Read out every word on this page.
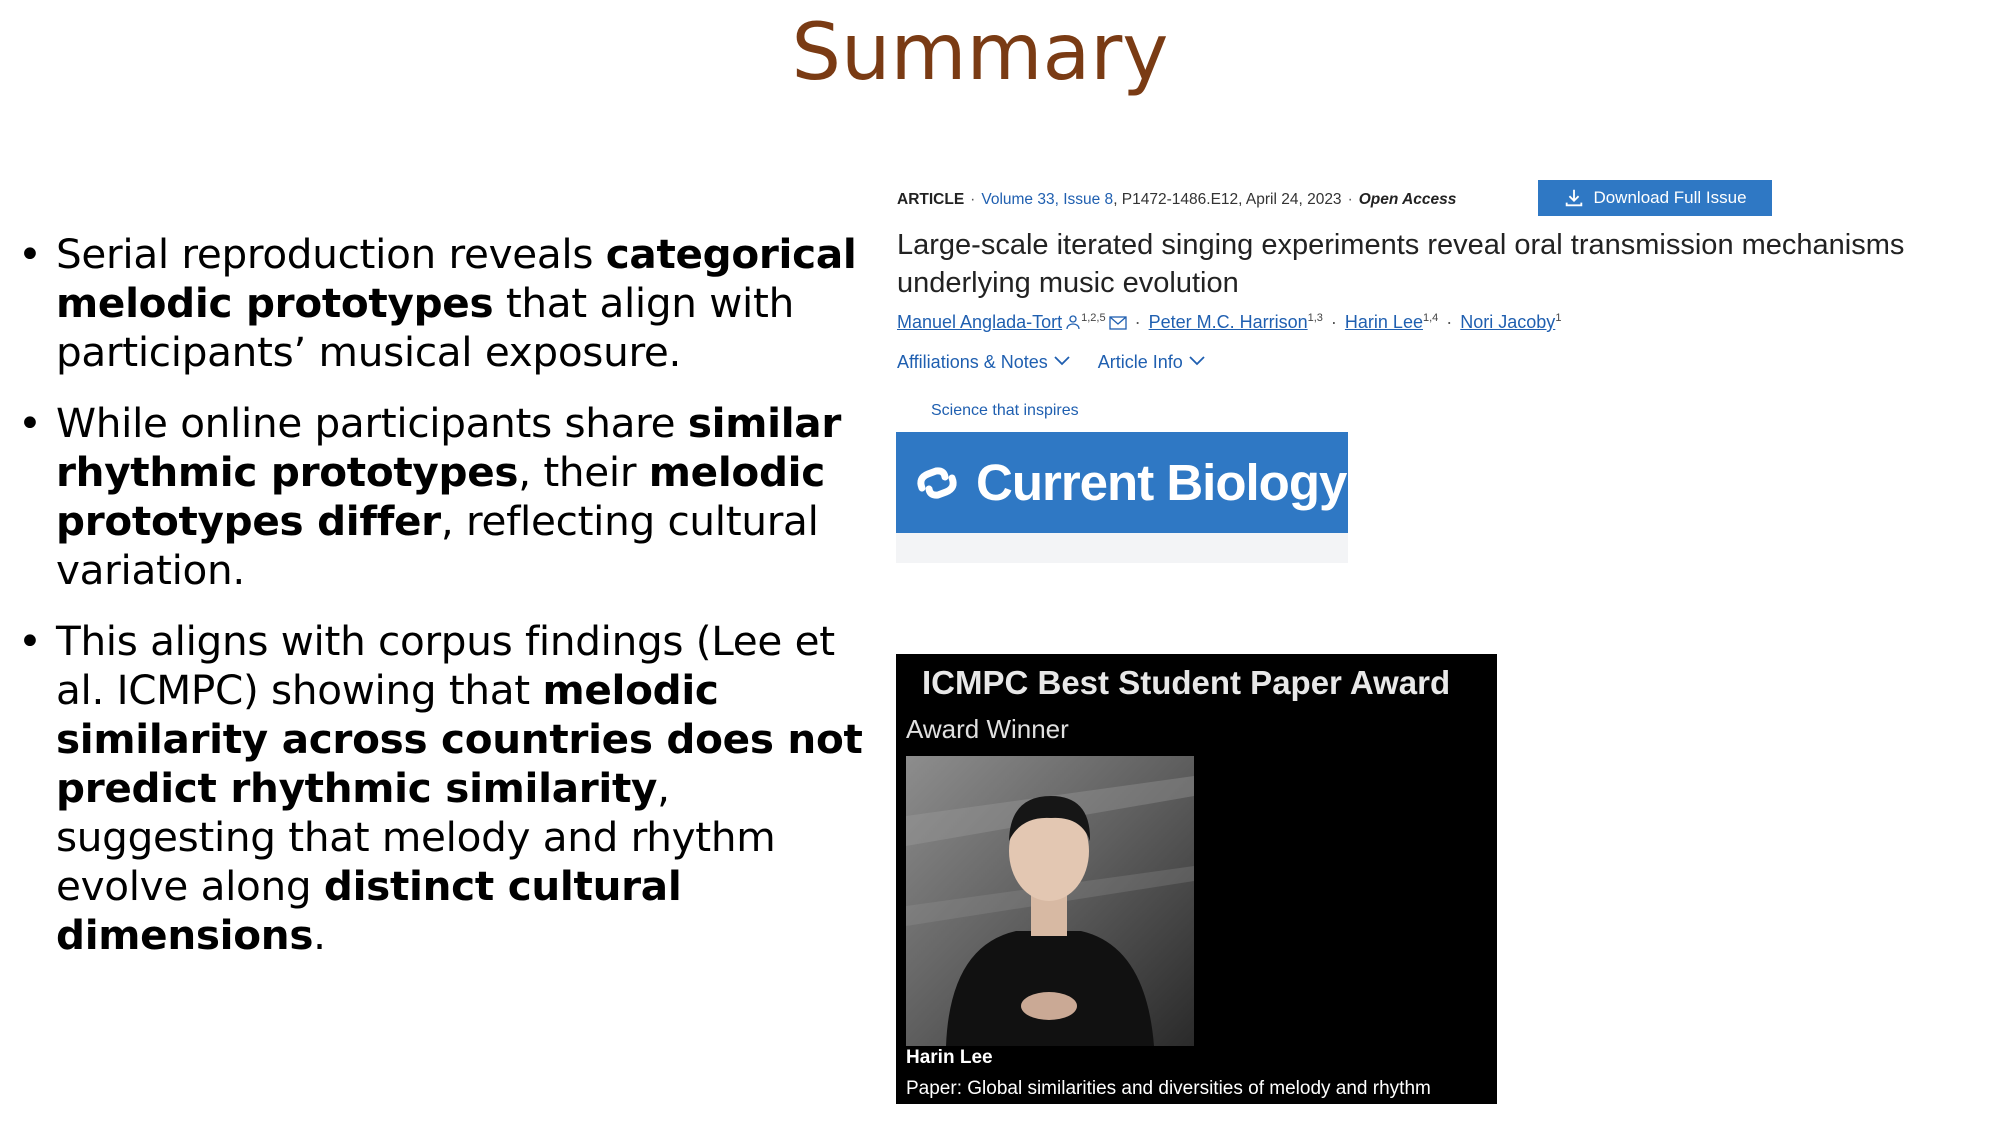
Summary
• Serial reproduction reveals categorical melodic prototypes that align with participants’ musical exposure.
• While online participants share similar rhythmic prototypes, their melodic prototypes differ, reflecting cultural variation.
• This aligns with corpus findings (Lee et al. ICMPC) showing that melodic similarity across countries does not predict rhythmic similarity, suggesting that melody and rhythm evolve along distinct cultural dimensions.
ARTICLE · Volume 33, Issue 8, P1472-1486.E12, April 24, 2023 · Open Access	Download Full Issue
Large-scale iterated singing experiments reveal oral transmission mechanisms underlying music evolution
Manuel Anglada-Tort $^{1,2,5}$ · Peter M.C. Harrison$^{1,3}$ · Harin Lee$^{1,4}$ · Nori Jacoby$^1$
Affiliations & Notes	Article Info
Science that inspires
Current Biology
ICMPC Best Student Paper Award
Award Winner
Harin Lee
Paper: Global similarities and diversities of melody and rhythm
